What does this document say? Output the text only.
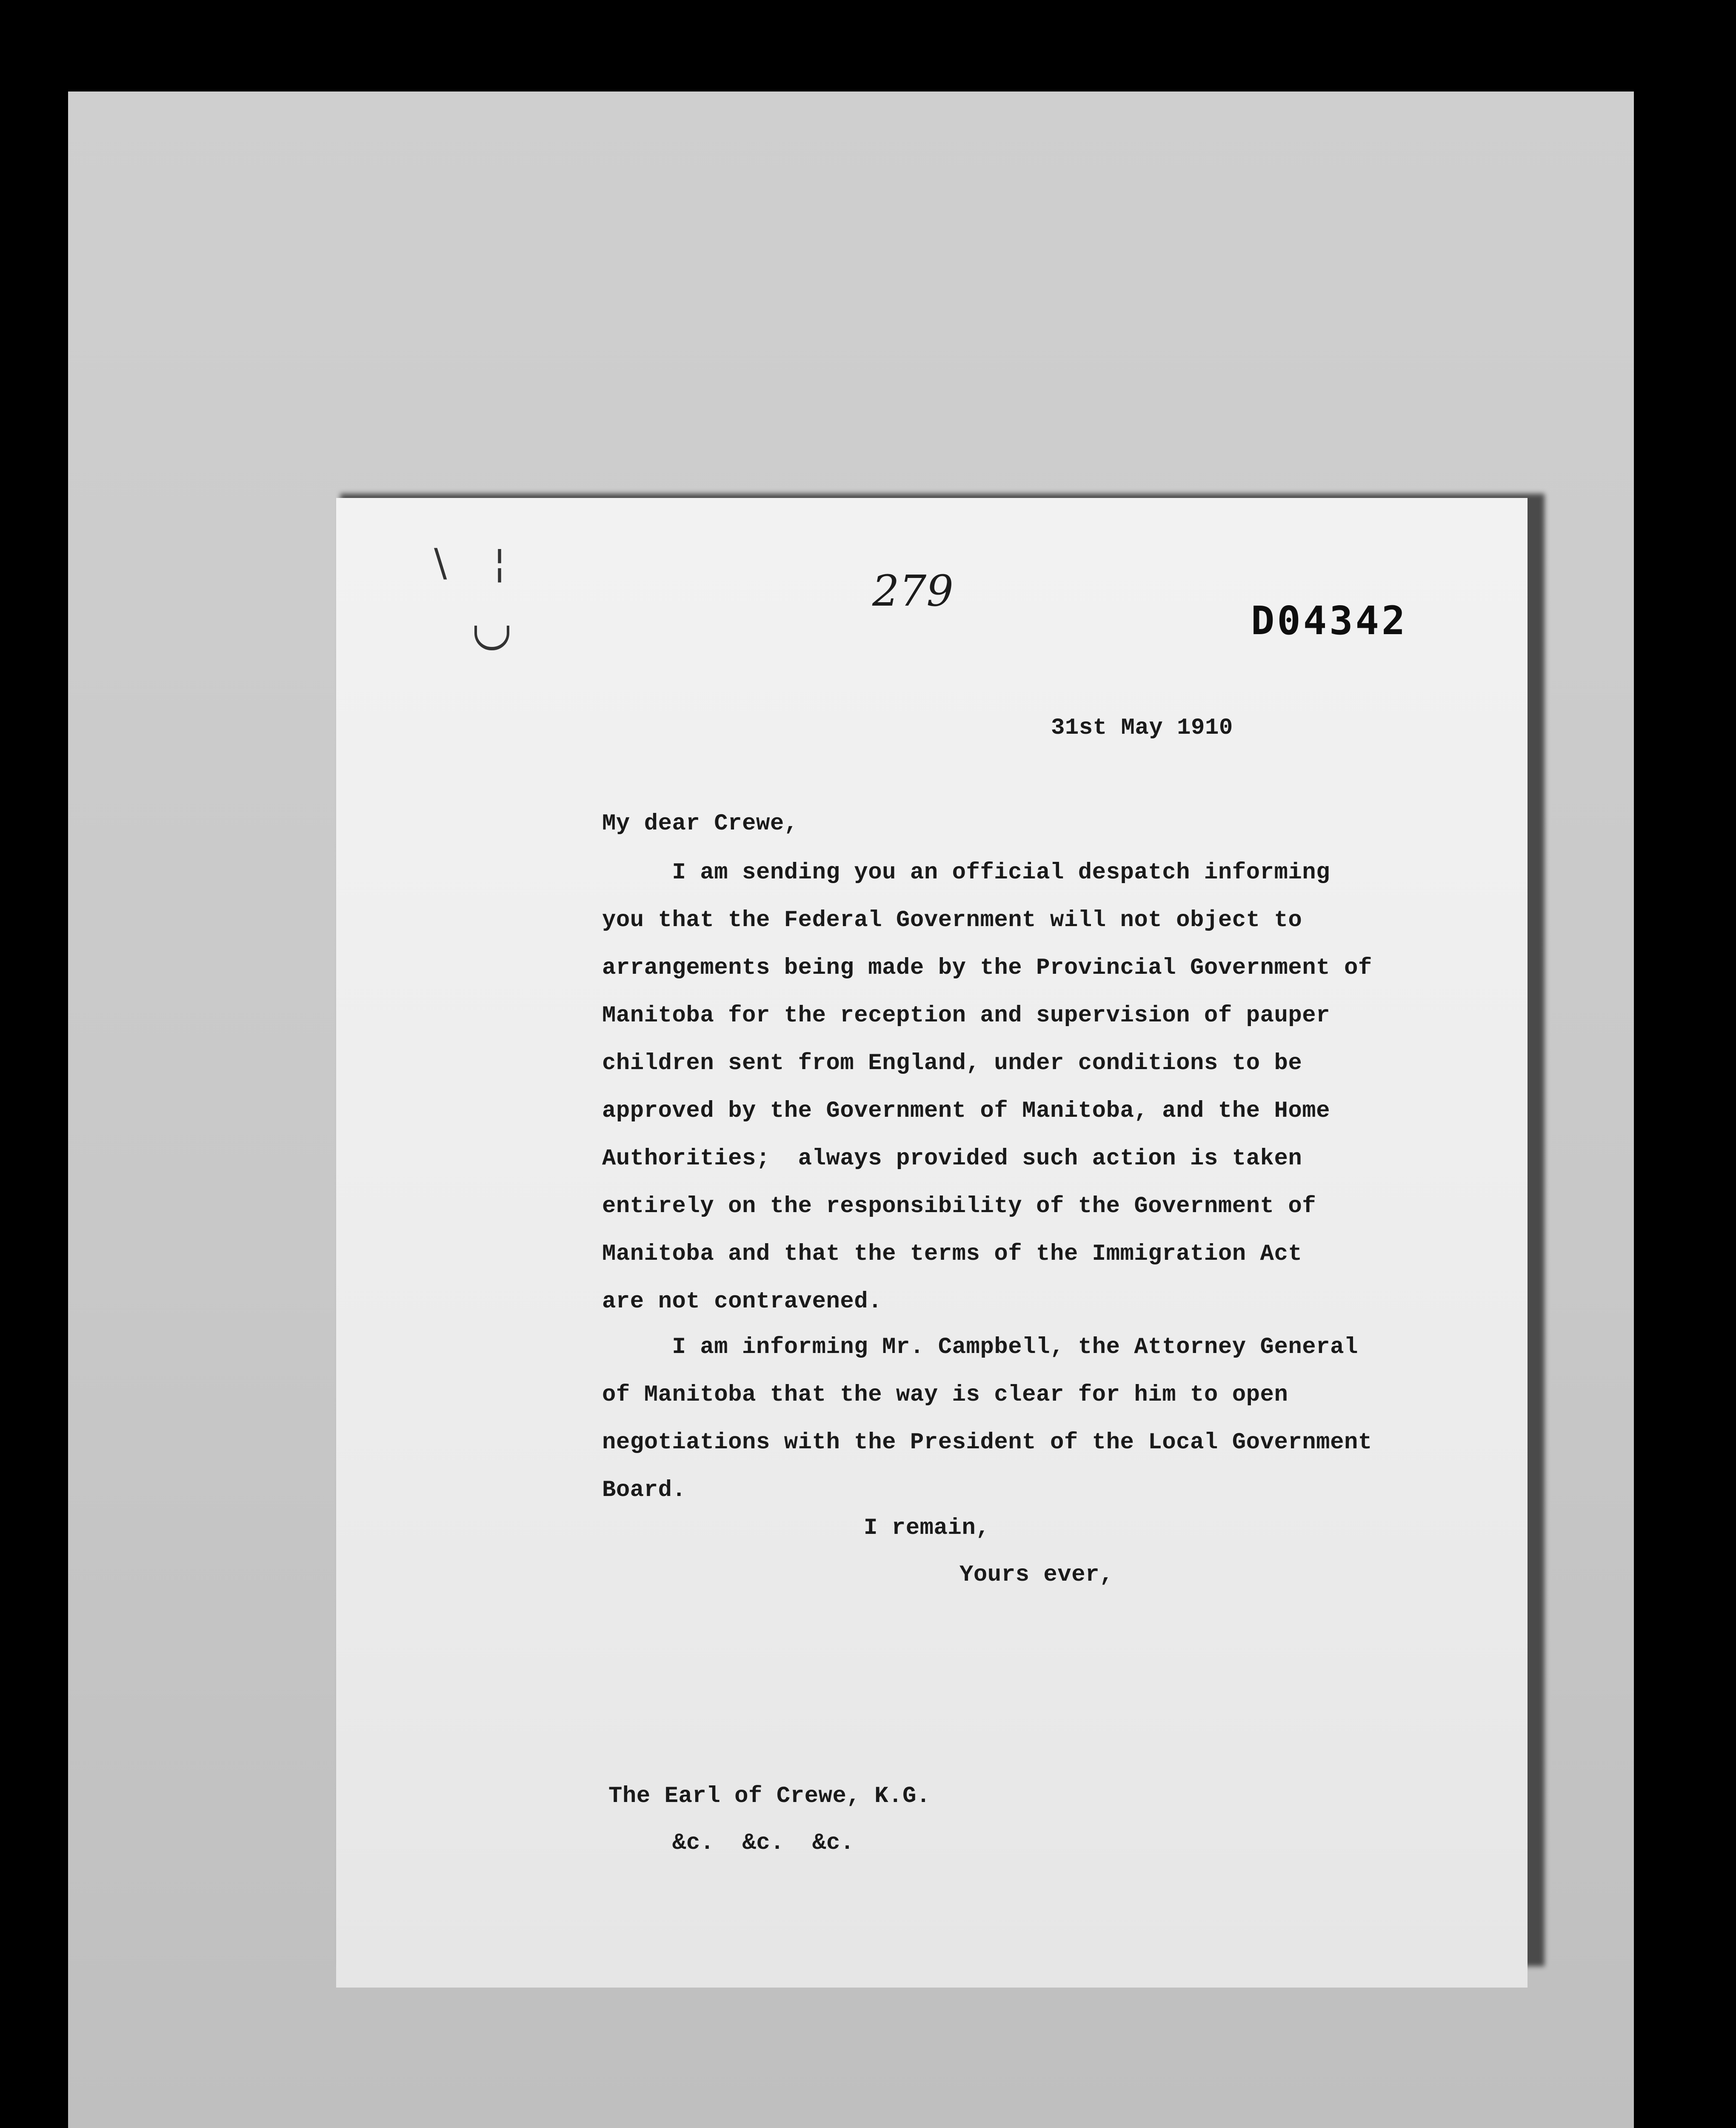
\ ¦
279
D04342
31st May 1910
My dear Crewe,
I am sending you an official despatch informing
you that the Federal Government will not object to
arrangements being made by the Provincial Government of
Manitoba for the reception and supervision of pauper
children sent from England, under conditions to be
approved by the Government of Manitoba, and the Home
Authorities;  always provided such action is taken
entirely on the responsibility of the Government of
Manitoba and that the terms of the Immigration Act
are not contravened.
I am informing Mr. Campbell, the Attorney General
of Manitoba that the way is clear for him to open
negotiations with the President of the Local Government
Board.
I remain,
Yours ever,
The Earl of Crewe, K.G.
&c.  &c.  &c.
